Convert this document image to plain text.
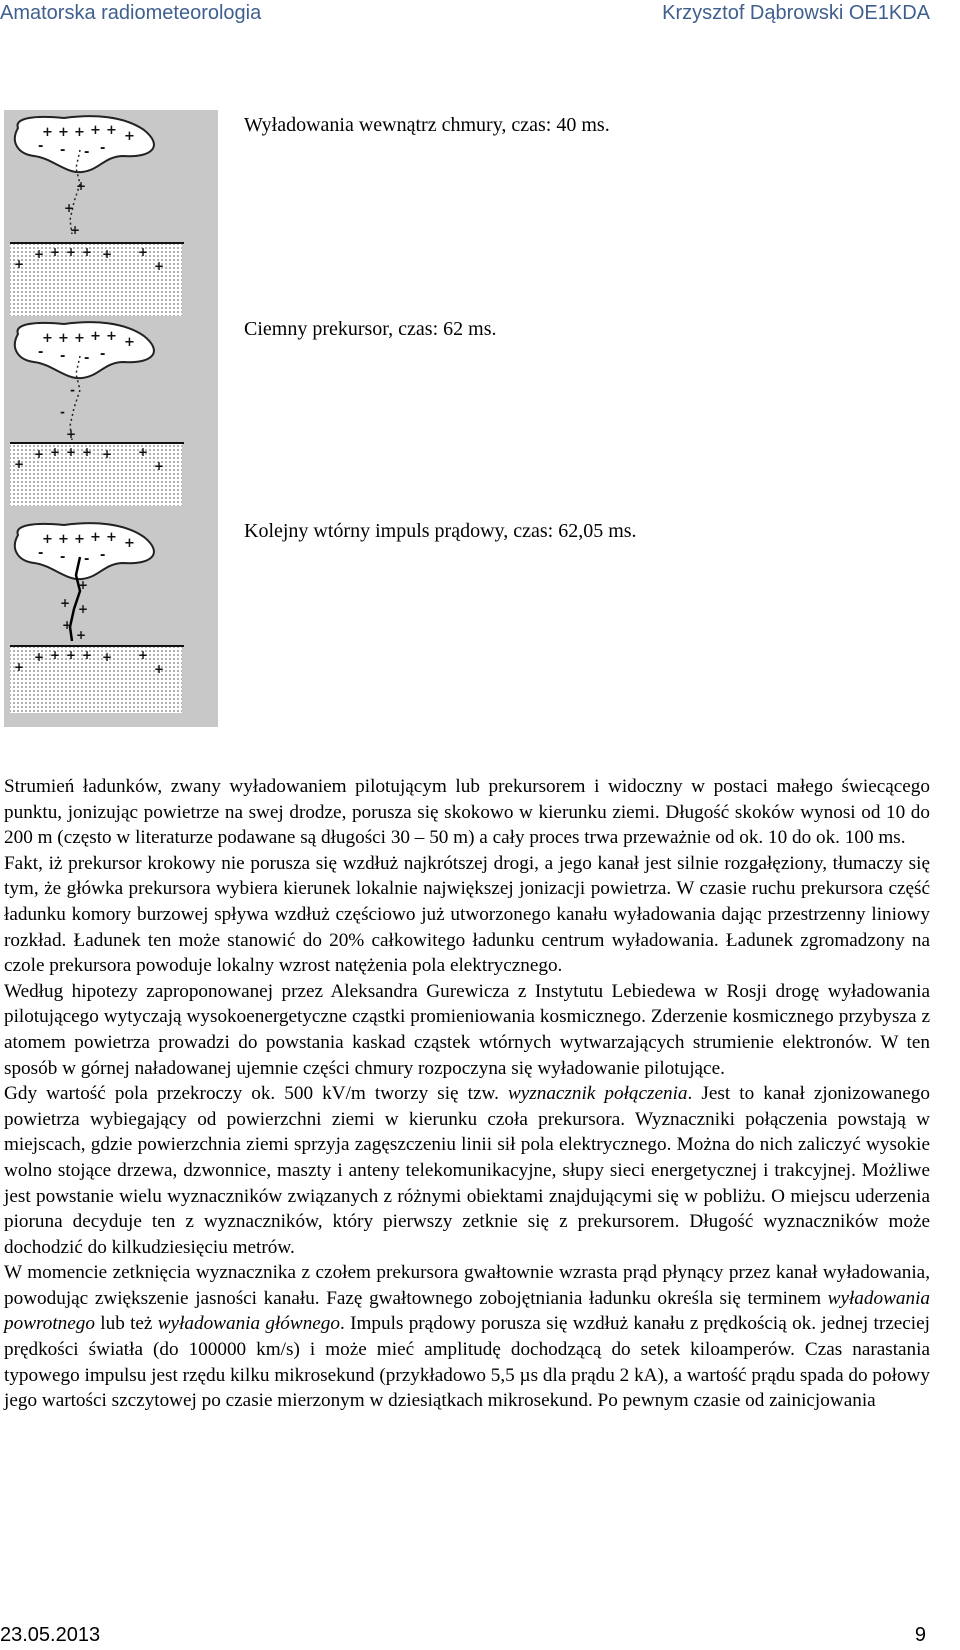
Amatorska radiometeorologia	Krzysztof Dąbrowski OE1KDA
+ + + + + +
- - - -
+
+
+
+ + + + + +
+	+
Wyładowania wewnątrz chmury, czas: 40 ms.
+ + + + + +
- - - -
-
-
+
+ + + + + +
+	+
Ciemny prekursor, czas: 62 ms.
+ + + + + +
- - - -
+
+ +
+
+
+ + + + + +
+	+
Kolejny wtórny impuls prądowy, czas: 62,05 ms.

Strumień ładunków, zwany wyładowaniem pilotującym lub prekursorem i widoczny w postaci małego świecącego punktu, jonizując powietrze na swej drodze, porusza się skokowo w kierunku ziemi. Długość skoków wynosi od 10 do 200 m (często w literaturze podawane są długości 30 – 50 m) a cały proces trwa przeważnie od ok. 10 do ok. 100 ms.

Fakt, iż prekursor krokowy nie porusza się wzdłuż najkrótszej drogi, a jego kanał jest silnie rozgałęziony, tłumaczy się tym, że główka prekursora wybiera kierunek lokalnie największej jonizacji powietrza. W czasie ruchu prekursora część ładunku komory burzowej spływa wzdłuż częściowo już utworzonego kanału wyładowania dając przestrzenny liniowy rozkład. Ładunek ten może stanowić do 20% całkowitego ładunku centrum wyładowania. Ładunek zgromadzony na czole prekursora powoduje lokalny wzrost natężenia pola elektrycznego.

Według hipotezy zaproponowanej przez Aleksandra Gurewicza z Instytutu Lebiedewa w Rosji drogę wyładowania pilotującego wytyczają wysokoenergetyczne cząstki promieniowania kosmicznego. Zderzenie kosmicznego przybysza z atomem powietrza prowadzi do powstania kaskad cząstek wtórnych wytwarzających strumienie elektronów. W ten sposób w górnej naładowanej ujemnie części chmury rozpoczyna się wyładowanie pilotujące.

Gdy wartość pola przekroczy ok. 500 kV/m tworzy się tzw. wyznacznik połączenia. Jest to kanał zjonizowanego powietrza wybiegający od powierzchni ziemi w kierunku czoła prekursora. Wyznaczniki połączenia powstają w miejscach, gdzie powierzchnia ziemi sprzyja zagęszczeniu linii sił pola elektrycznego. Można do nich zaliczyć wysokie wolno stojące drzewa, dzwonnice, maszty i anteny telekomunikacyjne, słupy sieci energetycznej i trakcyjnej. Możliwe jest powstanie wielu wyznaczników związanych z różnymi obiektami znajdującymi się w pobliżu. O miejscu uderzenia pioruna decyduje ten z wyznaczników, który pierwszy zetknie się z prekursorem. Długość wyznaczników może dochodzić do kilkudziesięciu metrów.

W momencie zetknięcia wyznacznika z czołem prekursora gwałtownie wzrasta prąd płynący przez kanał wyładowania, powodując zwiększenie jasności kanału. Fazę gwałtownego zobojętniania ładunku określa się terminem wyładowania powrotnego lub też wyładowania głównego. Impuls prądowy porusza się wzdłuż kanału z prędkością ok. jednej trzeciej prędkości światła (do 100000 km/s) i może mieć amplitudę dochodzącą do setek kiloamperów. Czas narastania typowego impulsu jest rzędu kilku mikrosekund (przykładowo 5,5 µs dla prądu 2 kA), a wartość prądu spada do połowy jego wartości szczytowej po czasie mierzonym w dziesiątkach mikrosekund. Po pewnym czasie od zainicjowania

23.05.2013	9
